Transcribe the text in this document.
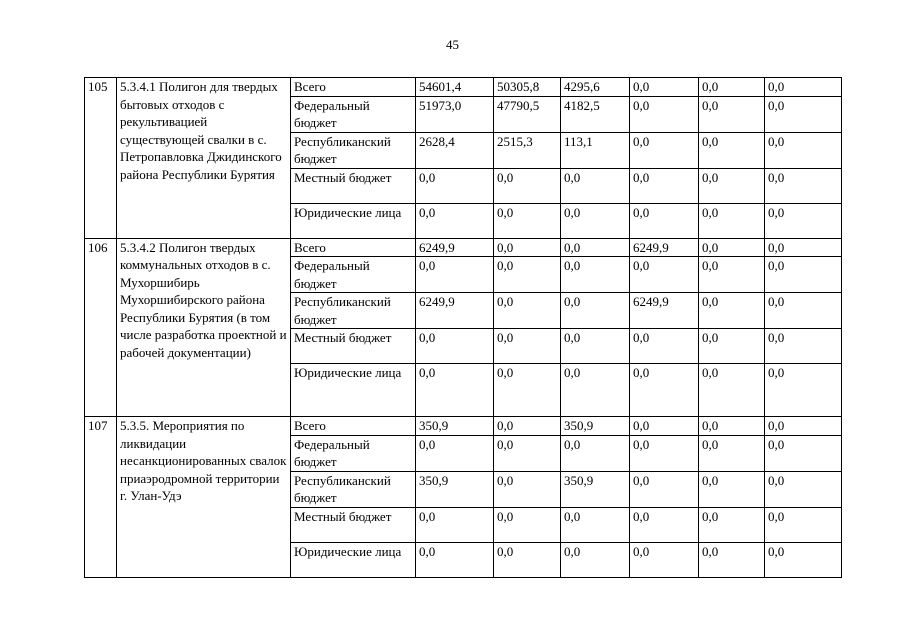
45
105	5.3.4.1 Полигон для твердых бытовых отходов с рекультивацией существующей свалки в с. Петропавловка Джидинского района Республики Бурятия	Всего	54601,4	50305,8	4295,6	0,0	0,0	0,0
		Федеральный бюджет	51973,0	47790,5	4182,5	0,0	0,0	0,0
		Республиканский бюджет	2628,4	2515,3	113,1	0,0	0,0	0,0
		Местный бюджет	0,0	0,0	0,0	0,0	0,0	0,0
		Юридические лица	0,0	0,0	0,0	0,0	0,0	0,0
106	5.3.4.2 Полигон твердых коммунальных отходов в с. Мухоршибирь Мухоршибирского района Республики Бурятия (в том числе разработка проектной и рабочей документации)	Всего	6249,9	0,0	0,0	6249,9	0,0	0,0
		Федеральный бюджет	0,0	0,0	0,0	0,0	0,0	0,0
		Республиканский бюджет	6249,9	0,0	0,0	6249,9	0,0	0,0
		Местный бюджет	0,0	0,0	0,0	0,0	0,0	0,0
		Юридические лица	0,0	0,0	0,0	0,0	0,0	0,0
107	5.3.5. Мероприятия по ликвидации несанкционированных свалок приаэродромной территории г. Улан-Удэ	Всего	350,9	0,0	350,9	0,0	0,0	0,0
		Федеральный бюджет	0,0	0,0	0,0	0,0	0,0	0,0
		Республиканский бюджет	350,9	0,0	350,9	0,0	0,0	0,0
		Местный бюджет	0,0	0,0	0,0	0,0	0,0	0,0
		Юридические лица	0,0	0,0	0,0	0,0	0,0	0,0
